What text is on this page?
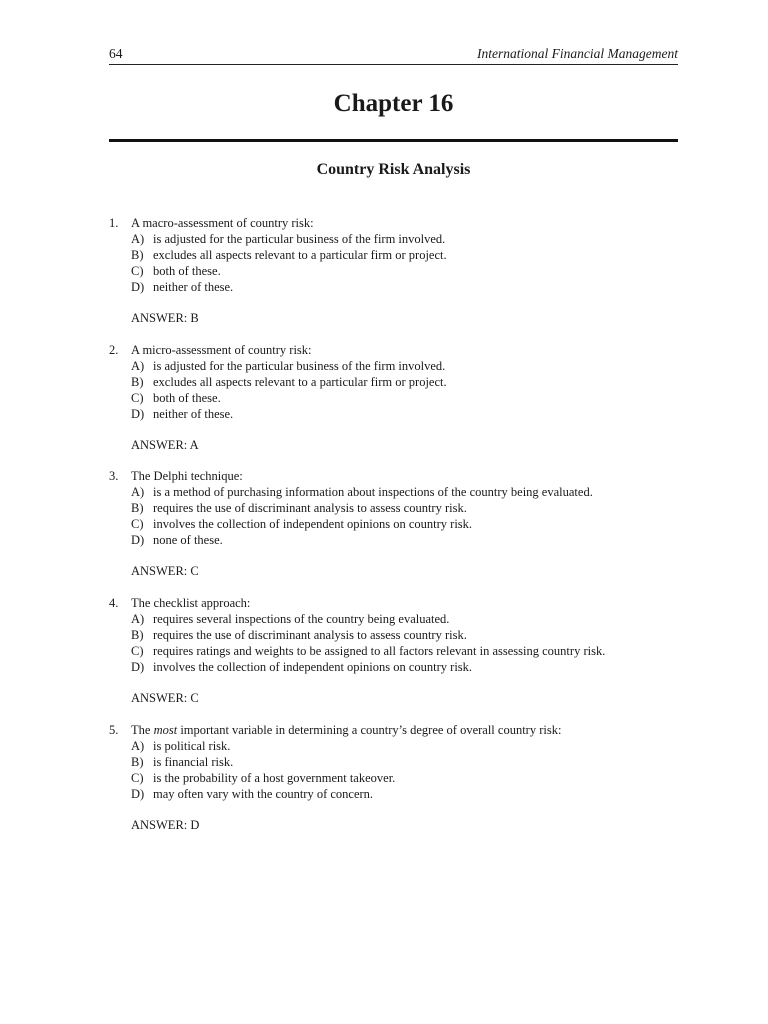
64	International Financial Management
Chapter 16
Country Risk Analysis
1. A macro-assessment of country risk:
A) is adjusted for the particular business of the firm involved.
B) excludes all aspects relevant to a particular firm or project.
C) both of these.
D) neither of these.
ANSWER: B
2. A micro-assessment of country risk:
A) is adjusted for the particular business of the firm involved.
B) excludes all aspects relevant to a particular firm or project.
C) both of these.
D) neither of these.
ANSWER: A
3. The Delphi technique:
A) is a method of purchasing information about inspections of the country being evaluated.
B) requires the use of discriminant analysis to assess country risk.
C) involves the collection of independent opinions on country risk.
D) none of these.
ANSWER: C
4. The checklist approach:
A) requires several inspections of the country being evaluated.
B) requires the use of discriminant analysis to assess country risk.
C) requires ratings and weights to be assigned to all factors relevant in assessing country risk.
D) involves the collection of independent opinions on country risk.
ANSWER: C
5. The most important variable in determining a country’s degree of overall country risk:
A) is political risk.
B) is financial risk.
C) is the probability of a host government takeover.
D) may often vary with the country of concern.
ANSWER: D
